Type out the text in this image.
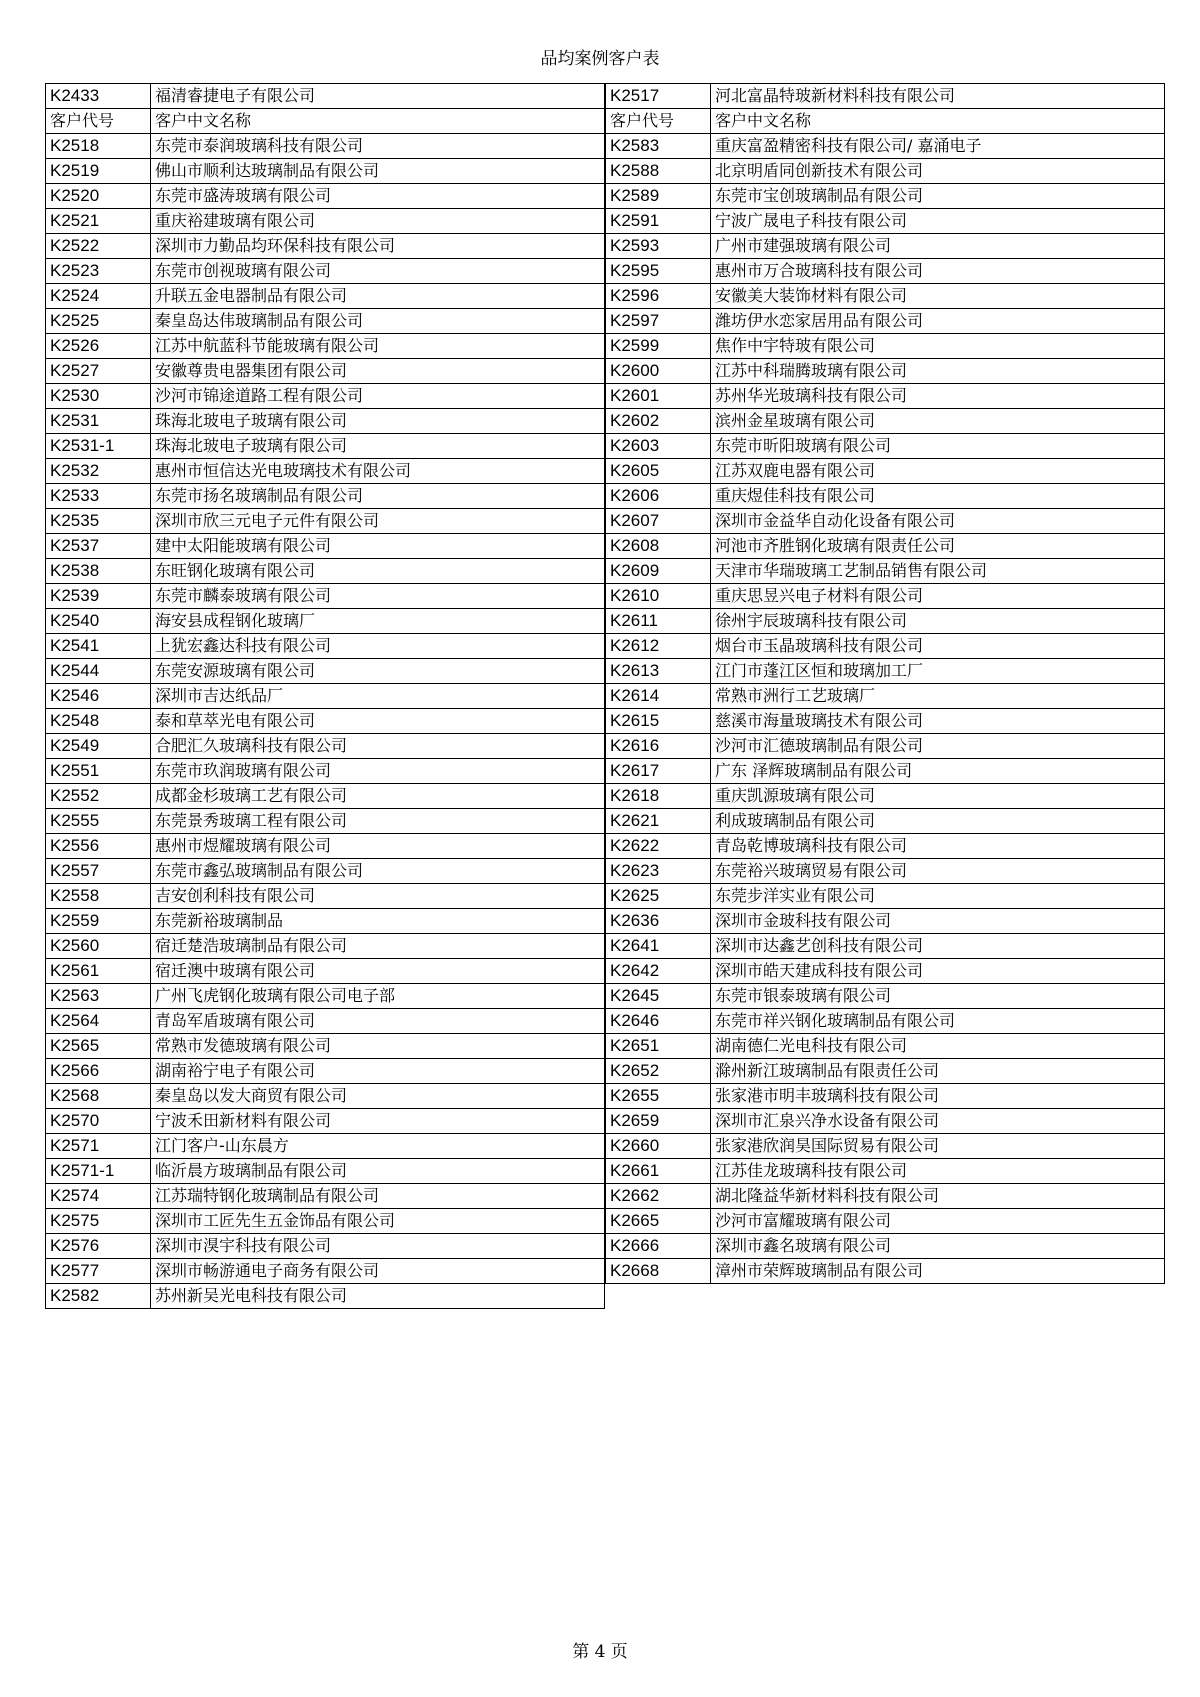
品均案例客户表
K2433	福清睿捷电子有限公司
客户代号	客户中文名称
K2518	东莞市泰润玻璃科技有限公司
K2519	佛山市顺利达玻璃制品有限公司
K2520	东莞市盛涛玻璃有限公司
K2521	重庆裕建玻璃有限公司
K2522	深圳市力勤品均环保科技有限公司
K2523	东莞市创视玻璃有限公司
K2524	升联五金电器制品有限公司
K2525	秦皇岛达伟玻璃制品有限公司
K2526	江苏中航蓝科节能玻璃有限公司
K2527	安徽尊贵电器集团有限公司
K2530	沙河市锦途道路工程有限公司
K2531	珠海北玻电子玻璃有限公司
K2531-1	珠海北玻电子玻璃有限公司
K2532	惠州市恒信达光电玻璃技术有限公司
K2533	东莞市扬名玻璃制品有限公司
K2535	深圳市欣三元电子元件有限公司
K2537	建中太阳能玻璃有限公司
K2538	东旺钢化玻璃有限公司
K2539	东莞市麟泰玻璃有限公司
K2540	海安县成程钢化玻璃厂
K2541	上犹宏鑫达科技有限公司
K2544	东莞安源玻璃有限公司
K2546	深圳市吉达纸品厂
K2548	泰和草萃光电有限公司
K2549	合肥汇久玻璃科技有限公司
K2551	东莞市玖润玻璃有限公司
K2552	成都金杉玻璃工艺有限公司
K2555	东莞景秀玻璃工程有限公司
K2556	惠州市煜耀玻璃有限公司
K2557	东莞市鑫弘玻璃制品有限公司
K2558	吉安创利科技有限公司
K2559	东莞新裕玻璃制品
K2560	宿迁楚浩玻璃制品有限公司
K2561	宿迁澳中玻璃有限公司
K2563	广州飞虎钢化玻璃有限公司电子部
K2564	青岛军盾玻璃有限公司
K2565	常熟市发德玻璃有限公司
K2566	湖南裕宁电子有限公司
K2568	秦皇岛以发大商贸有限公司
K2570	宁波禾田新材料有限公司
K2571	江门客户-山东晨方
K2571-1	临沂晨方玻璃制品有限公司
K2574	江苏瑞特钢化玻璃制品有限公司
K2575	深圳市工匠先生五金饰品有限公司
K2576	深圳市湨宇科技有限公司
K2577	深圳市畅游通电子商务有限公司
K2582	苏州新吴光电科技有限公司
K2517	河北富晶特玻新材料科技有限公司
客户代号	客户中文名称
K2583	重庆富盈精密科技有限公司/ 嘉涌电子
K2588	北京明盾同创新技术有限公司
K2589	东莞市宝创玻璃制品有限公司
K2591	宁波广晟电子科技有限公司
K2593	广州市建强玻璃有限公司
K2595	惠州市万合玻璃科技有限公司
K2596	安徽美大装饰材料有限公司
K2597	潍坊伊水恋家居用品有限公司
K2599	焦作中宇特玻有限公司
K2600	江苏中科瑞腾玻璃有限公司
K2601	苏州华光玻璃科技有限公司
K2602	滨州金星玻璃有限公司
K2603	东莞市昕阳玻璃有限公司
K2605	江苏双鹿电器有限公司
K2606	重庆煜佳科技有限公司
K2607	深圳市金益华自动化设备有限公司
K2608	河池市齐胜钢化玻璃有限责任公司
K2609	天津市华瑞玻璃工艺制品销售有限公司
K2610	重庆思昱兴电子材料有限公司
K2611	徐州宇辰玻璃科技有限公司
K2612	烟台市玉晶玻璃科技有限公司
K2613	江门市蓬江区恒和玻璃加工厂
K2614	常熟市洲行工艺玻璃厂
K2615	慈溪市海量玻璃技术有限公司
K2616	沙河市汇德玻璃制品有限公司
K2617	广东 泽辉玻璃制品有限公司
K2618	重庆凯源玻璃有限公司
K2621	利成玻璃制品有限公司
K2622	青岛乾博玻璃科技有限公司
K2623	东莞裕兴玻璃贸易有限公司
K2625	东莞步洋实业有限公司
K2636	深圳市金玻科技有限公司
K2641	深圳市达鑫艺创科技有限公司
K2642	深圳市皓天建成科技有限公司
K2645	东莞市银泰玻璃有限公司
K2646	东莞市祥兴钢化玻璃制品有限公司
K2651	湖南德仁光电科技有限公司
K2652	滁州新江玻璃制品有限责任公司
K2655	张家港市明丰玻璃科技有限公司
K2659	深圳市汇泉兴净水设备有限公司
K2660	张家港欣润昊国际贸易有限公司
K2661	江苏佳龙玻璃科技有限公司
K2662	湖北隆益华新材料科技有限公司
K2665	沙河市富耀玻璃有限公司
K2666	深圳市鑫名玻璃有限公司
K2668	漳州市荣辉玻璃制品有限公司
第 4 页
